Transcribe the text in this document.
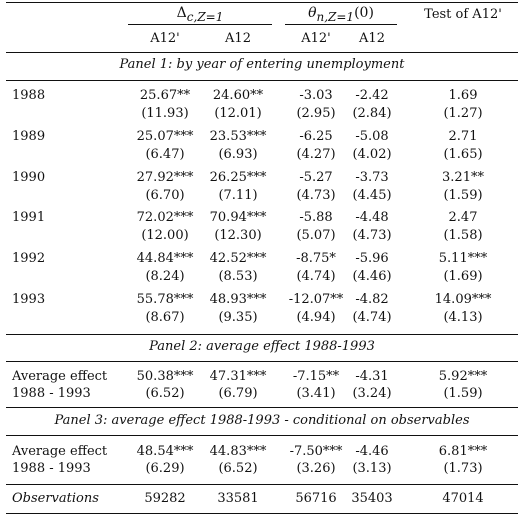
$\Delta_{c,Z=1}$	$\theta_{n,Z=1}(0)$	Test of A12'
A12'	A12	A12'	A12
Panel 1: by year of entering unemployment
1988	25.67**	24.60**	-3.03	-2.42	1.69
(11.93)	(12.01)	(2.95)	(2.84)	(1.27)
1989	25.07***	23.53***	-6.25	-5.08	2.71
(6.47)	(6.93)	(4.27)	(4.02)	(1.65)
1990	27.92***	26.25***	-5.27	-3.73	3.21**
(6.70)	(7.11)	(4.73)	(4.45)	(1.59)
1991	72.02***	70.94***	-5.88	-4.48	2.47
(12.00)	(12.30)	(5.07)	(4.73)	(1.58)
1992	44.84***	42.52***	-8.75*	-5.96	5.11***
(8.24)	(8.53)	(4.74)	(4.46)	(1.69)
1993	55.78***	48.93***	-12.07** -4.82	14.09***
(8.67)	(9.35)	(4.94)	(4.74)	(4.13)
Panel 2: average effect 1988-1993
Average effect
1988 - 1993
50.38***	47.31***	-7.15**	-4.31	5.92***
(6.52)	(6.79)	(3.41)	(3.24)	(1.59)
Panel 3: average effect 1988-1993 - conditional on observables
Average effect
1988 - 1993
48.54***	44.83***	-7.50*** -4.46	6.81***
(6.29)	(6.52)	(3.26)	(3.13)	(1.73)
Observations	59282	33581	56716	35403	47014
